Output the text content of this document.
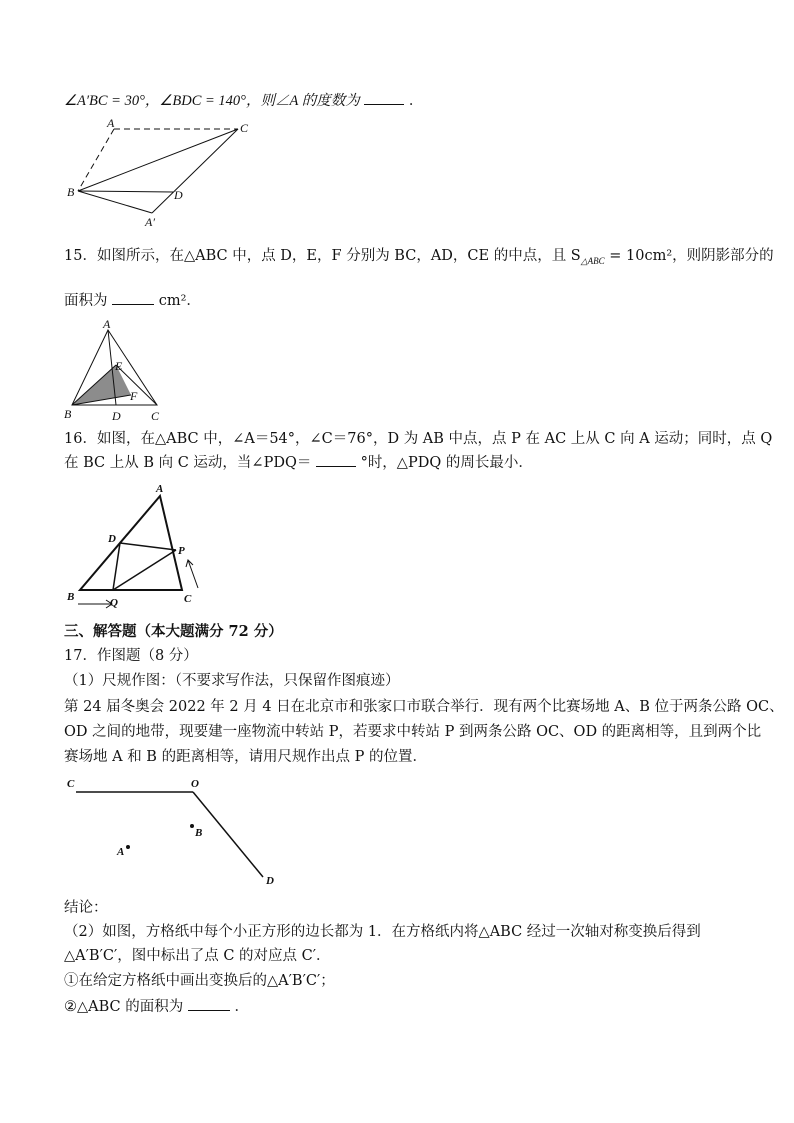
∠A′BC = 30°，∠BDC = 140°，则∠A 的度数为	．
A	C
B	D
A′
15．如图所示，在△ABC 中，点 D，E，F 分别为 BC，AD，CE 的中点，且 $S_{\triangle ABC} = 10cm^2$，则阴影部分的
面积为	cm²．
A
E
F
B	D	C
16．如图，在△ABC 中，∠A＝54°，∠C＝76°，D 为 AB 中点，点 P 在 AC 上从 C 向 A 运动；同时，点 Q
在 BC 上从 B 向 C 运动，当∠PDQ＝	°时，△PDQ 的周长最小．
A
D
P
B	Q	C
三、解答题（本大题满分 72 分）
17．作图题（8 分）
（1）尺规作图：（不要求写作法，只保留作图痕迹）
第 24 届冬奥会 2022 年 2 月 4 日在北京市和张家口市联合举行．现有两个比赛场地 A、B 位于两条公路 OC、
OD 之间的地带，现要建一座物流中转站 P，若要求中转站 P 到两条公路 OC、OD 的距离相等，且到两个比
赛场地 A 和 B 的距离相等，请用尺规作出点 P 的位置．
C	O
B
A
D
结论：
（2）如图，方格纸中每个小正方形的边长都为 1．在方格纸内将△ABC 经过一次轴对称变换后得到
△A′B′C′，图中标出了点 C 的对应点 C′．
①在给定方格纸中画出变换后的△A′B′C′；
②△ABC 的面积为	．
